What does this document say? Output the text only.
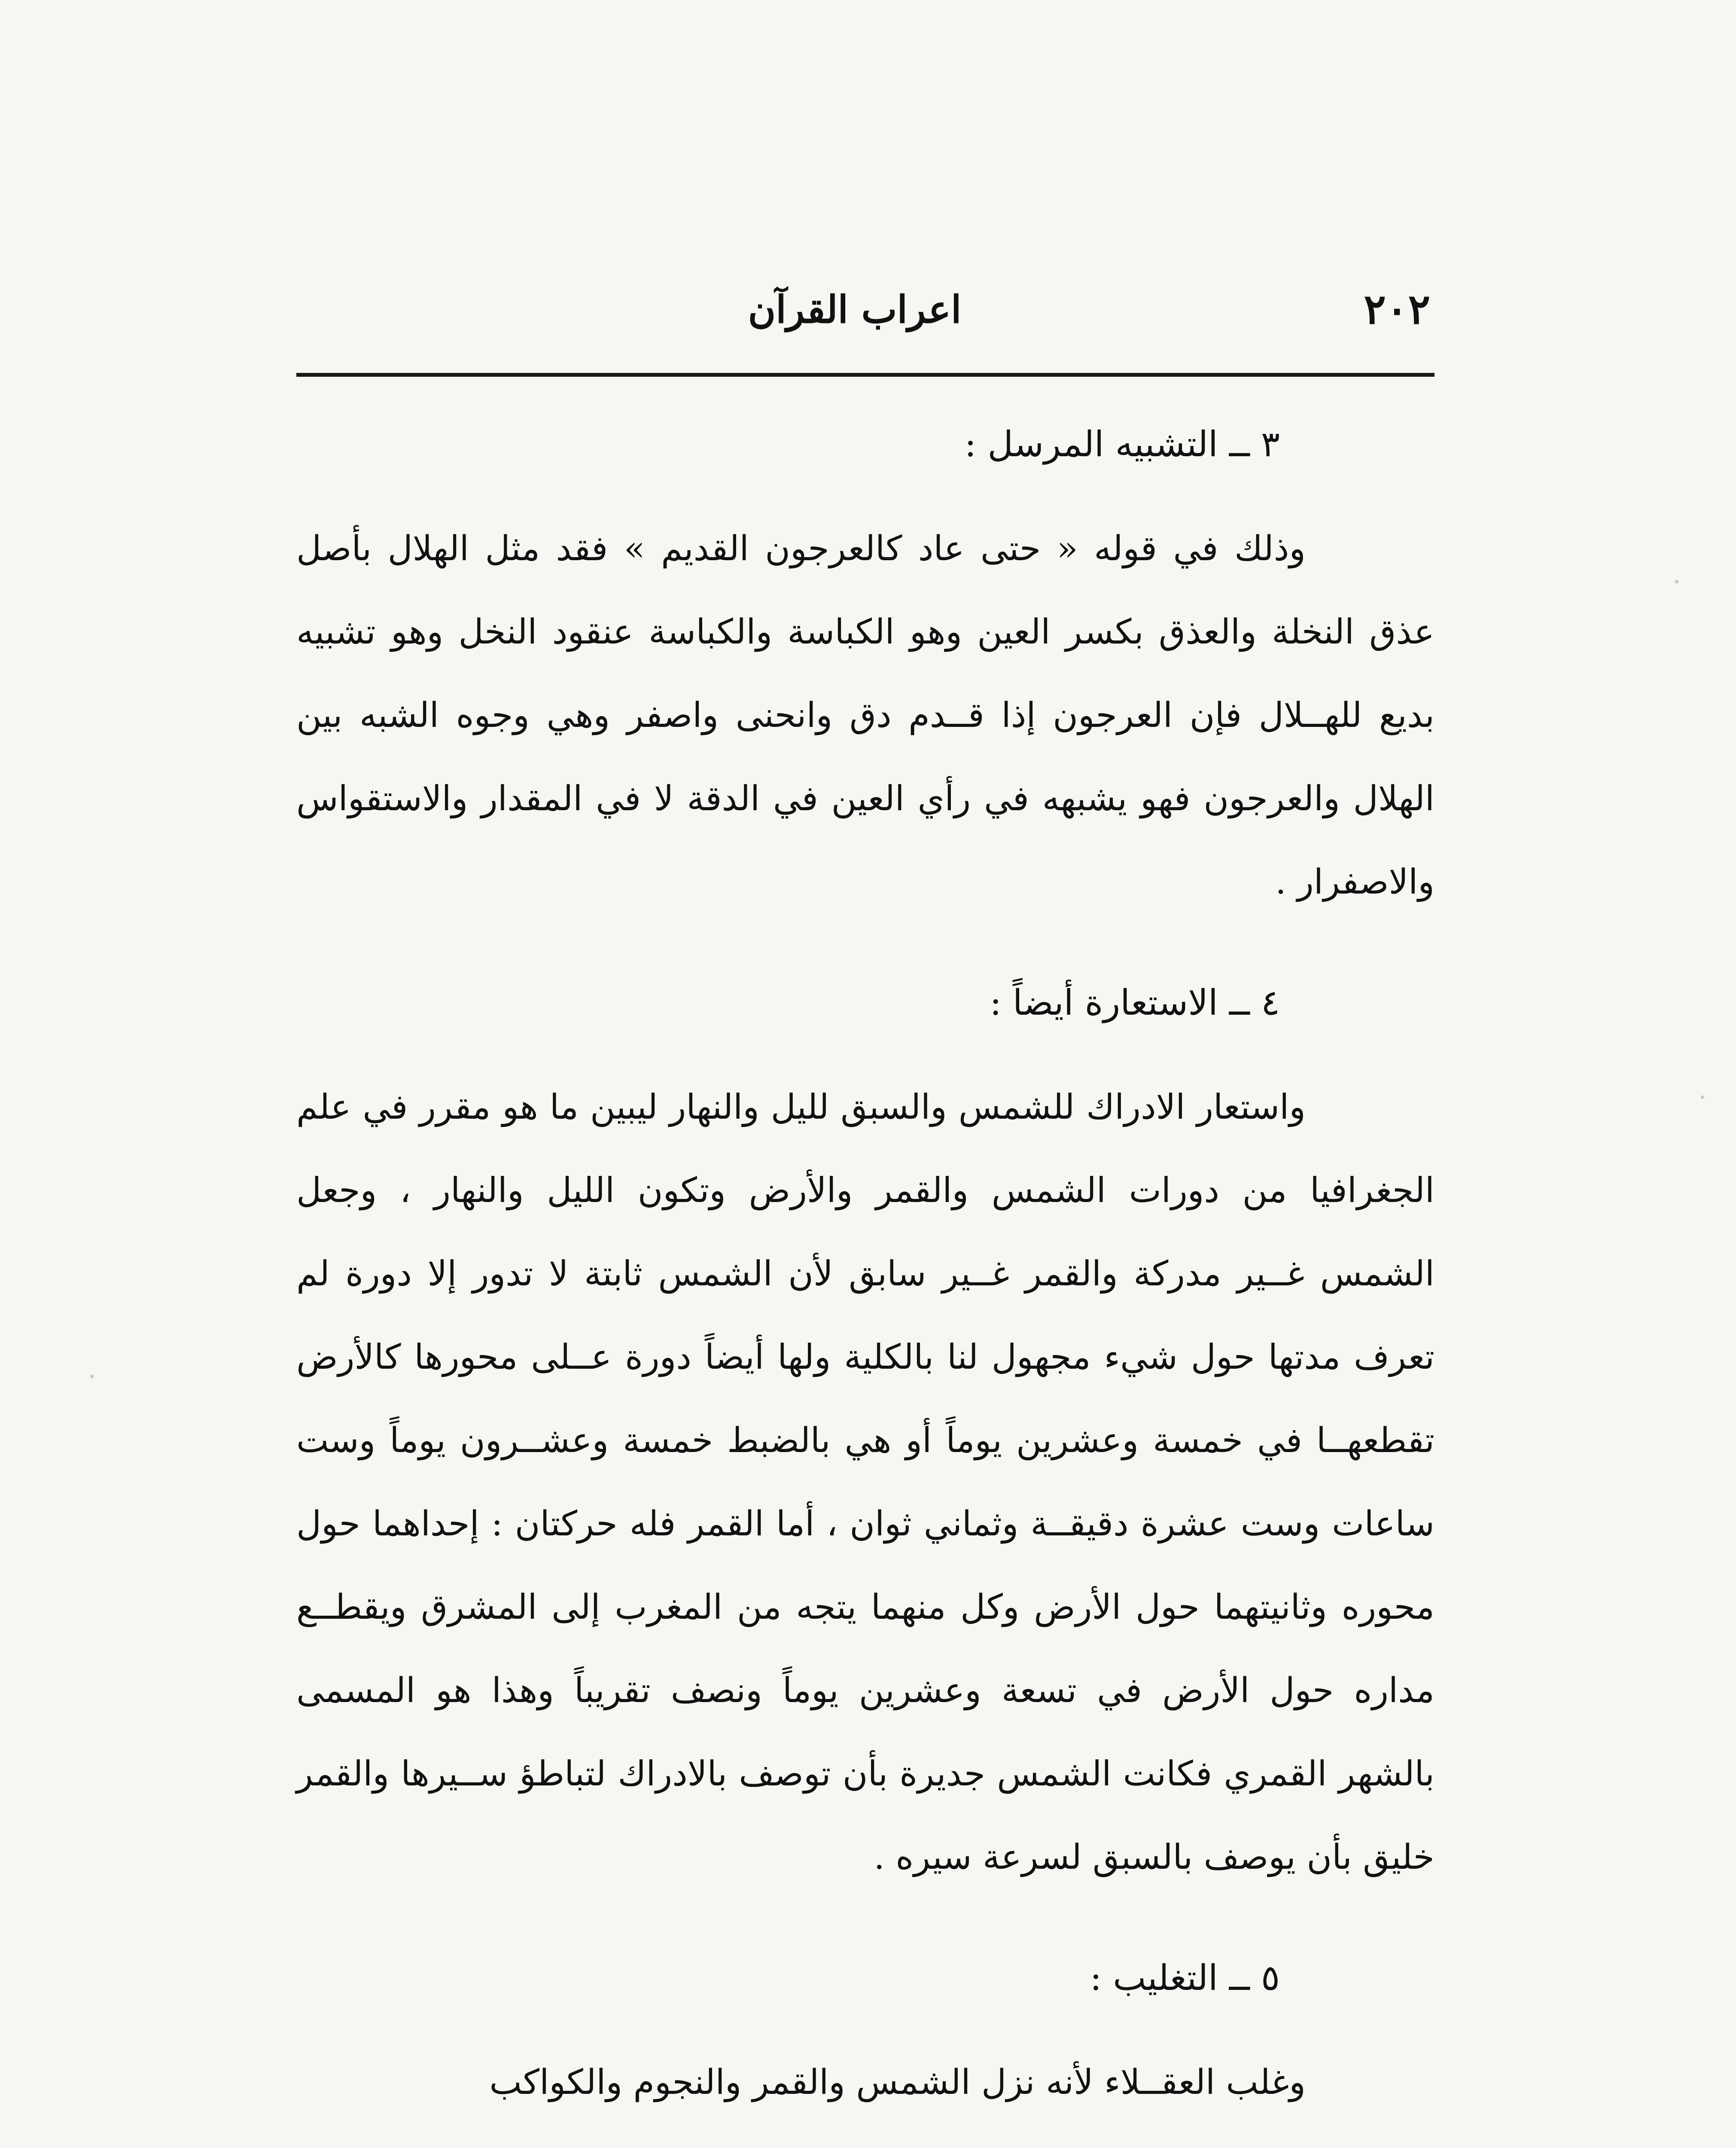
٢٠٢
اعراب القرآن

٣ ــ التشبيه المرسل :

وذلك في قوله « حتى عاد كالعرجون القديم » فقد مثل الهلال بأصل عذق النخلة والعذق بكسر العين وهو الكباسة والكباسة عنقود النخل وهو تشبيه بديع للهــلال فإن العرجون إذا قــدم دق وانحنى واصفر وهي وجوه الشبه بين الهلال والعرجون فهو يشبهه في رأي العين في الدقة لا في المقدار والاستقواس والاصفرار .

٤ ــ الاستعارة أيضاً :

واستعار الادراك للشمس والسبق لليل والنهار ليبين ما هو مقرر في علم الجغرافيا من دورات الشمس والقمر والأرض وتكون الليل والنهار ، وجعل الشمس غــير مدركة والقمر غــير سابق لأن الشمس ثابتة لا تدور إلا دورة لم تعرف مدتها حول شيء مجهول لنا بالكلية ولها أيضاً دورة عــلى محورها كالأرض تقطعهــا في خمسة وعشرين يوماً أو هي بالضبط خمسة وعشــرون يوماً وست ساعات وست عشرة دقيقــة وثماني ثوان ، أما القمر فله حركتان : إحداهما حول محوره وثانيتهما حول الأرض وكل منهما يتجه من المغرب إلى المشرق ويقطــع مداره حول الأرض في تسعة وعشرين يوماً ونصف تقريباً وهذا هو المسمى بالشهر القمري فكانت الشمس جديرة بأن توصف بالادراك لتباطؤ ســيرها والقمر خليق بأن يوصف بالسبق لسرعة سيره .

٥ ــ التغليب :

وغلب العقــلاء لأنه نزل الشمس والقمر والنجوم والكواكب
